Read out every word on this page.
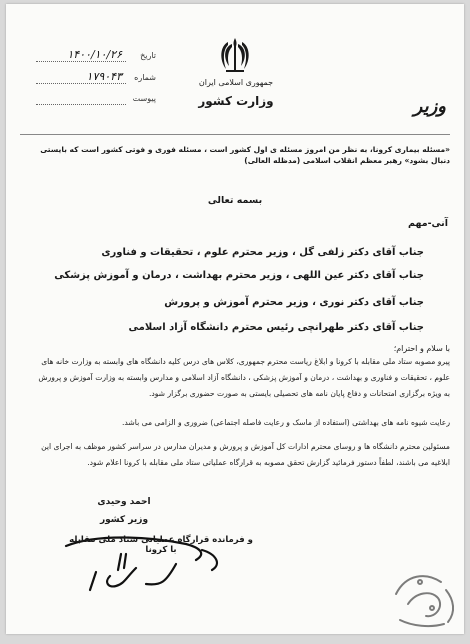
جمهوری اسلامی ایران
وزارت کشور	وزیر
تاریخ
۱۴۰۰/۱۰/۲۶
شماره
۱۷۹۰۴۳
پیوست
«مسئله بیماری کرونا، به نظر من امروز مسئله ی اول کشور است ، مسئله فوری و فوتی کشور است که بایستی دنبال بشود» رهبر معظم انقلاب اسلامی (مدظله العالی)
بسمه تعالی
آنی-مهم
جناب آقای دکتر زلفی گل ، وزیر محترم علوم ، تحقیقات و فناوری
جناب آقای دکتر عین اللهی ، وزیر محترم بهداشت ، درمان و آموزش پزشکی
جناب آقای دکتر نوری ، وزیر محترم آموزش و پرورش
جناب آقای دکتر طهرانچی رئیس محترم دانشگاه آزاد اسلامی
با سلام و احترام؛
پیرو مصوبه ستاد ملی مقابله با کرونا و ابلاغ ریاست محترم جمهوری، کلاس های درس کلیه دانشگاه های وابسته به وزارت خانه های علوم ، تحقیقات و فناوری و بهداشت ، درمان و آموزش پزشکی ، دانشگاه آزاد اسلامی و مدارس وابسته به وزارت آموزش و پرورش به ویژه برگزاری امتحانات و دفاع پایان نامه های تحصیلی بایستی به صورت حضوری برگزار شود.
رعایت شیوه نامه های بهداشتی (استفاده از ماسک و رعایت فاصله اجتماعی) ضروری و الزامی می باشد.
مسئولین محترم دانشگاه ها و روسای محترم ادارات کل آموزش و پرورش و مدیران مدارس در سراسر کشور موظف به اجرای این ابلاغیه می باشند، لطفاً دستور فرمائید گزارش تحقق مصوبه به قرارگاه عملیاتی ستاد ملی مقابله با کرونا اعلام شود.
احمد وحیدی
وزیر کشور
و فرمانده قرارگاه عملیاتی ستاد ملی مقابله با کرونا
